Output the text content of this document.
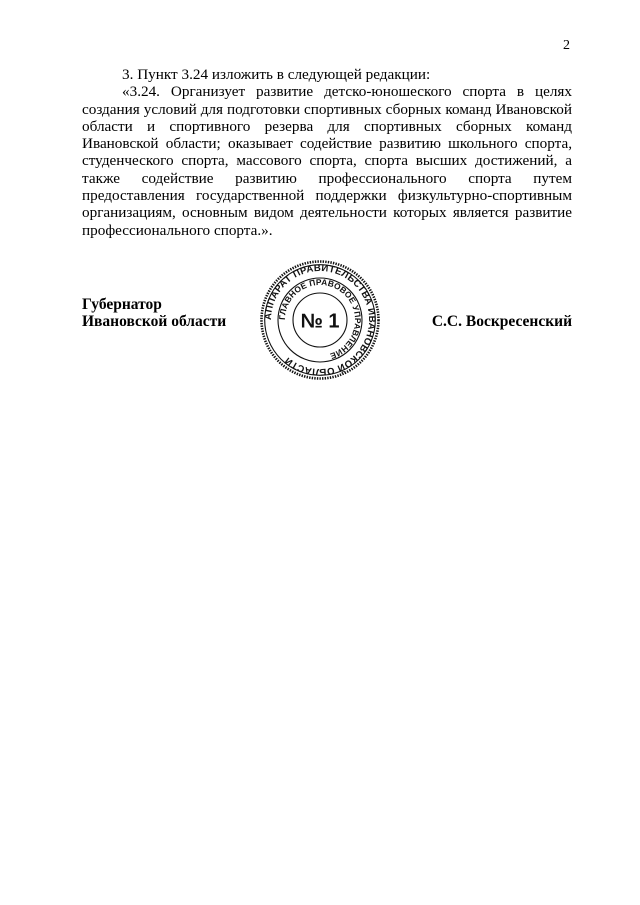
2

3. Пункт 3.24 изложить в следующей редакции:

«3.24. Организует развитие детско-юношеского спорта в целях создания условий для подготовки спортивных сборных команд Ивановской области и спортивного резерва для спортивных сборных команд Ивановской области; оказывает содействие развитию школьного спорта, студенческого спорта, массового спорта, спорта высших достижений, а также содействие развитию профессионального спорта путем предоставления государственной поддержки физкультурно-спортивным организациям, основным видом деятельности которых является развитие профессионального спорта.».

Губернатор
Ивановской области	С.С. Воскресенский
АППАРАТ ПРАВИТЕЛЬСТВА ИВАНОВСКОЙ ОБЛАСТИ
ГЛАВНОЕ ПРАВОВОЕ УПРАВЛЕНИЕ
№ 1
